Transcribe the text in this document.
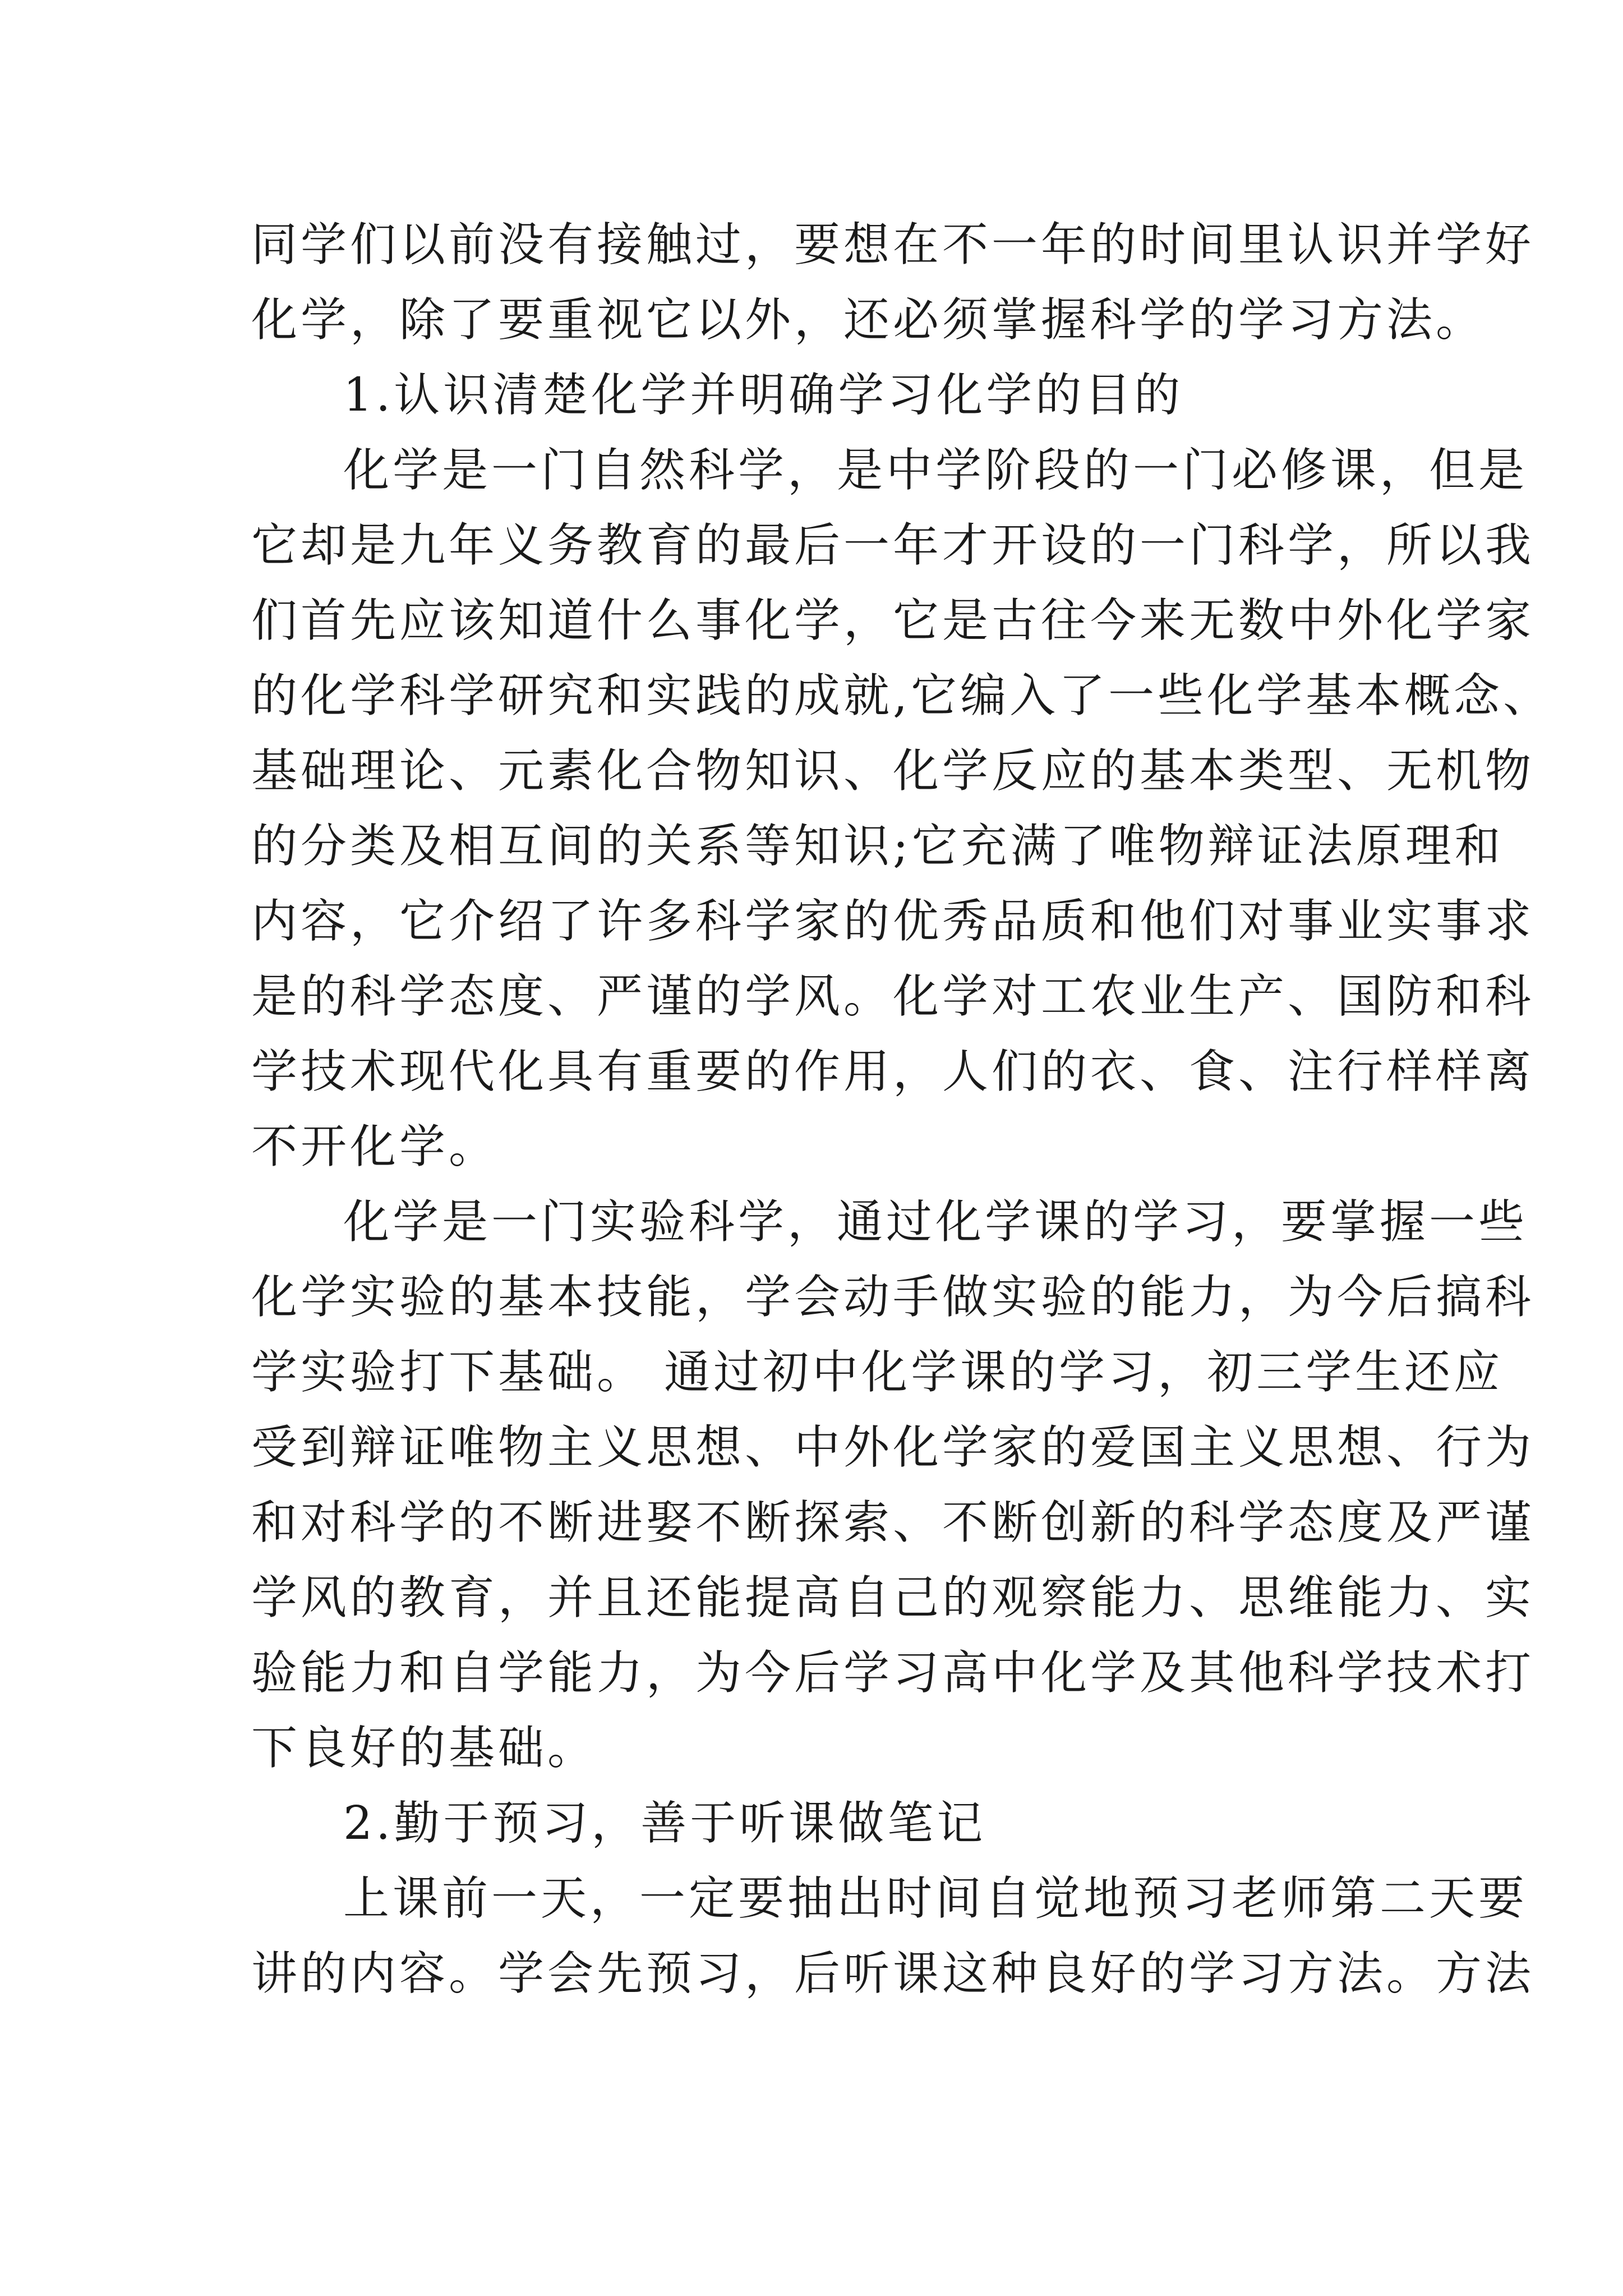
同学们以前没有接触过，要想在不一年的时间里认识并学好
化学，除了要重视它以外，还必须掌握科学的学习方法。
1.认识清楚化学并明确学习化学的目的
化学是一门自然科学，是中学阶段的一门必修课，但是
它却是九年义务教育的最后一年才开设的一门科学，所以我
们首先应该知道什么事化学，它是古往今来无数中外化学家
的化学科学研究和实践的成就,它编入了一些化学基本概念、
基础理论、元素化合物知识、化学反应的基本类型、无机物
的分类及相互间的关系等知识;它充满了唯物辩证法原理和
内容，它介绍了许多科学家的优秀品质和他们对事业实事求
是的科学态度、严谨的学风。化学对工农业生产、国防和科
学技术现代化具有重要的作用，人们的衣、食、注行样样离
不开化学。
化学是一门实验科学，通过化学课的学习，要掌握一些
化学实验的基本技能，学会动手做实验的能力，为今后搞科
学实验打下基础。 通过初中化学课的学习，初三学生还应
受到辩证唯物主义思想、中外化学家的爱国主义思想、行为
和对科学的不断进娶不断探索、不断创新的科学态度及严谨
学风的教育，并且还能提高自己的观察能力、思维能力、实
验能力和自学能力，为今后学习高中化学及其他科学技术打
下良好的基础。
2.勤于预习，善于听课做笔记
上课前一天，一定要抽出时间自觉地预习老师第二天要
讲的内容。学会先预习，后听课这种良好的学习方法。方法
